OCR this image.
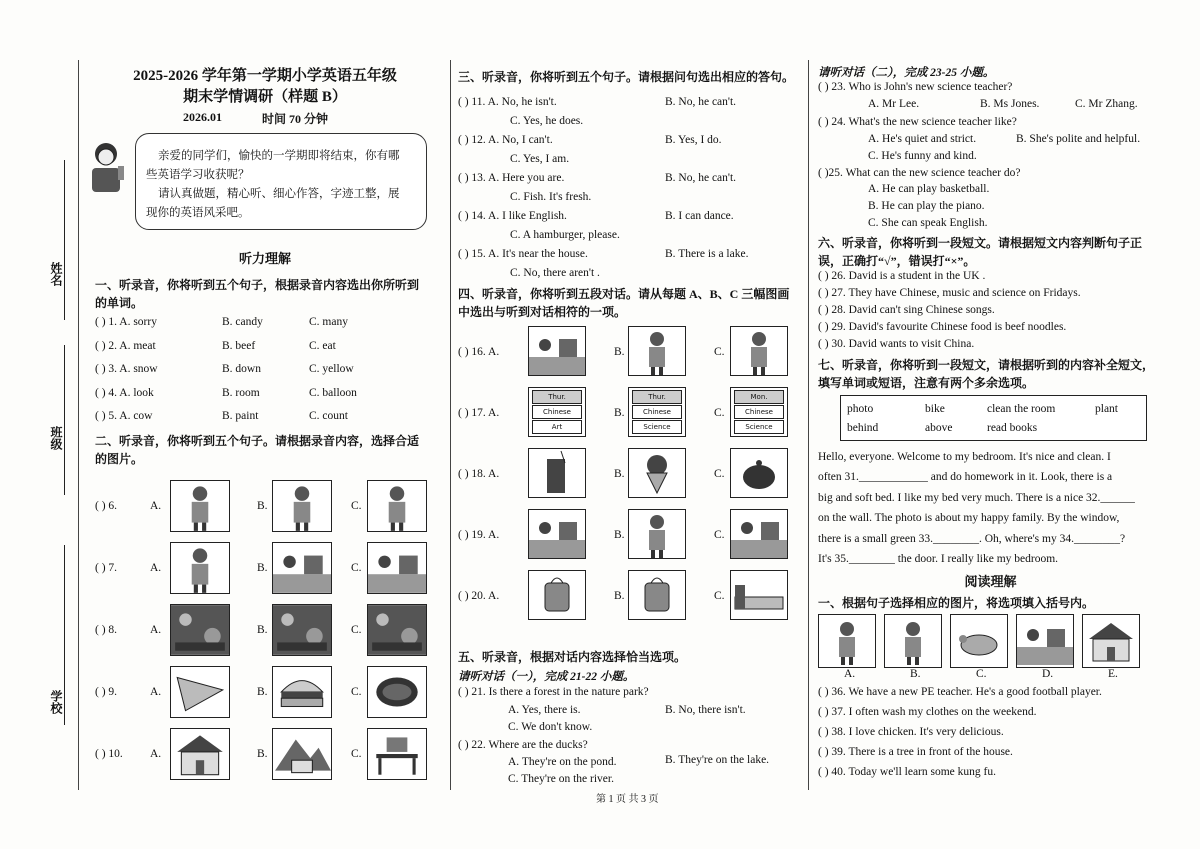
姓名
班级
学校
2025-2026 学年第一学期小学英语五年级
期末学情调研（样题 B）
2026.01	时间 70 分钟
亲爱的同学们，愉快的一学期即将结束，你有哪
些英语学习收获呢？
请认真做题，精心听、细心作答，字迹工整，展
现你的英语风采吧。
听力理解
一、听录音，你将听到五个句子，根据录音内容选出你所听到
的单词。
( ) 1. A. sorry	B. candy	C. many
( ) 2. A. meat	B. beef	C. eat
( ) 3. A. snow	B. down	C. yellow
( ) 4. A. look	B. room	C. balloon
( ) 5. A. cow	B. paint	C. count
二、听录音，你将听到五个句子。请根据录音内容，选择合适
的图片。
( ) 6.	A.	B.	C.
( ) 7.	A.	B.	C.
( ) 8.	A.	B.	C.
( ) 9.	A.	B.	C.
( ) 10. A.	B.	C.
三、听录音，你将听到五个句子。请根据问句选出相应的答句。
( ) 11. A. No, he isn't.	B. No, he can't.
C. Yes, he does.
( ) 12. A. No, I can't.	B. Yes, I do.
C. Yes, I am.
( ) 13. A. Here you are.	B. No, he can't.
C. Fish. It's fresh.
( ) 14. A. I like English.	B. I can dance.
C. A hamburger, please.
( ) 15. A. It's near the house.	B. There is a lake.
C. No, there aren't .
四、听录音，你将听到五段对话。请从每题 A、B、C 三幅图画
中选出与听到对话相符的一项。
( ) 16. A.	B.	C.
( ) 17. A.	B.	C.
Thur.
Chinese
Art
Thur.
Chinese
Science
Mon.
Chinese
Science
( ) 18. A.	B.	C.
( ) 19. A.	B.	C.
( ) 20. A.	B.	C.
五、听录音，根据对话内容选择恰当选项。
请听对话（一），完成 21-22 小题。
( ) 21. Is there a forest in the nature park?
A. Yes, there is.	B. No, there isn't.
C. We don't know.
( ) 22. Where are the ducks?
A. They're on the pond.	B. They're on the lake.
C. They're on the river.
第 1 页 共 3 页
请听对话（二），完成 23-25 小题。
( ) 23. Who is John's new science teacher?
A. Mr Lee.	B. Ms Jones.	C. Mr Zhang.
( ) 24. What's the new science teacher like?
A. He's quiet and strict.	B. She's polite and helpful.
C. He's funny and kind.
( )25. What can the new science teacher do?
A. He can play basketball.
B. He can play the piano.
C. She can speak English.
六、听录音，你将听到一段短文。请根据短文内容判断句子正
误，正确打“√”，错误打“×”。
( ) 26. David is a student in the UK .
( ) 27. They have Chinese, music and science on Fridays.
( ) 28. David can't sing Chinese songs.
( ) 29. David's favourite Chinese food is beef noodles.
( ) 30. David wants to visit China.
七、听录音，你将听到一段短文，请根据听到的内容补全短文，
填写单词或短语，注意有两个多余选项。
photo	bike	clean the room	plant
behind	above	read books
Hello, everyone. Welcome to my bedroom. It's nice and clean. I
often 31.____________ and do homework in it. Look, there is a
big and soft bed. I like my bed very much. There is a nice 32.______
on the wall. The photo is about my happy family. By the window,
there is a small green 33.________. Oh, where's my 34.________?
It's 35.________ the door. I really like my bedroom.
阅读理解
一、根据句子选择相应的图片，将选项填入括号内。
A.	B.	C.	D.	E.
( ) 36. We have a new PE teacher. He's a good football player.
( ) 37. I often wash my clothes on the weekend.
( ) 38. I love chicken. It's very delicious.
( ) 39. There is a tree in front of the house.
( ) 40. Today we'll learn some kung fu.
